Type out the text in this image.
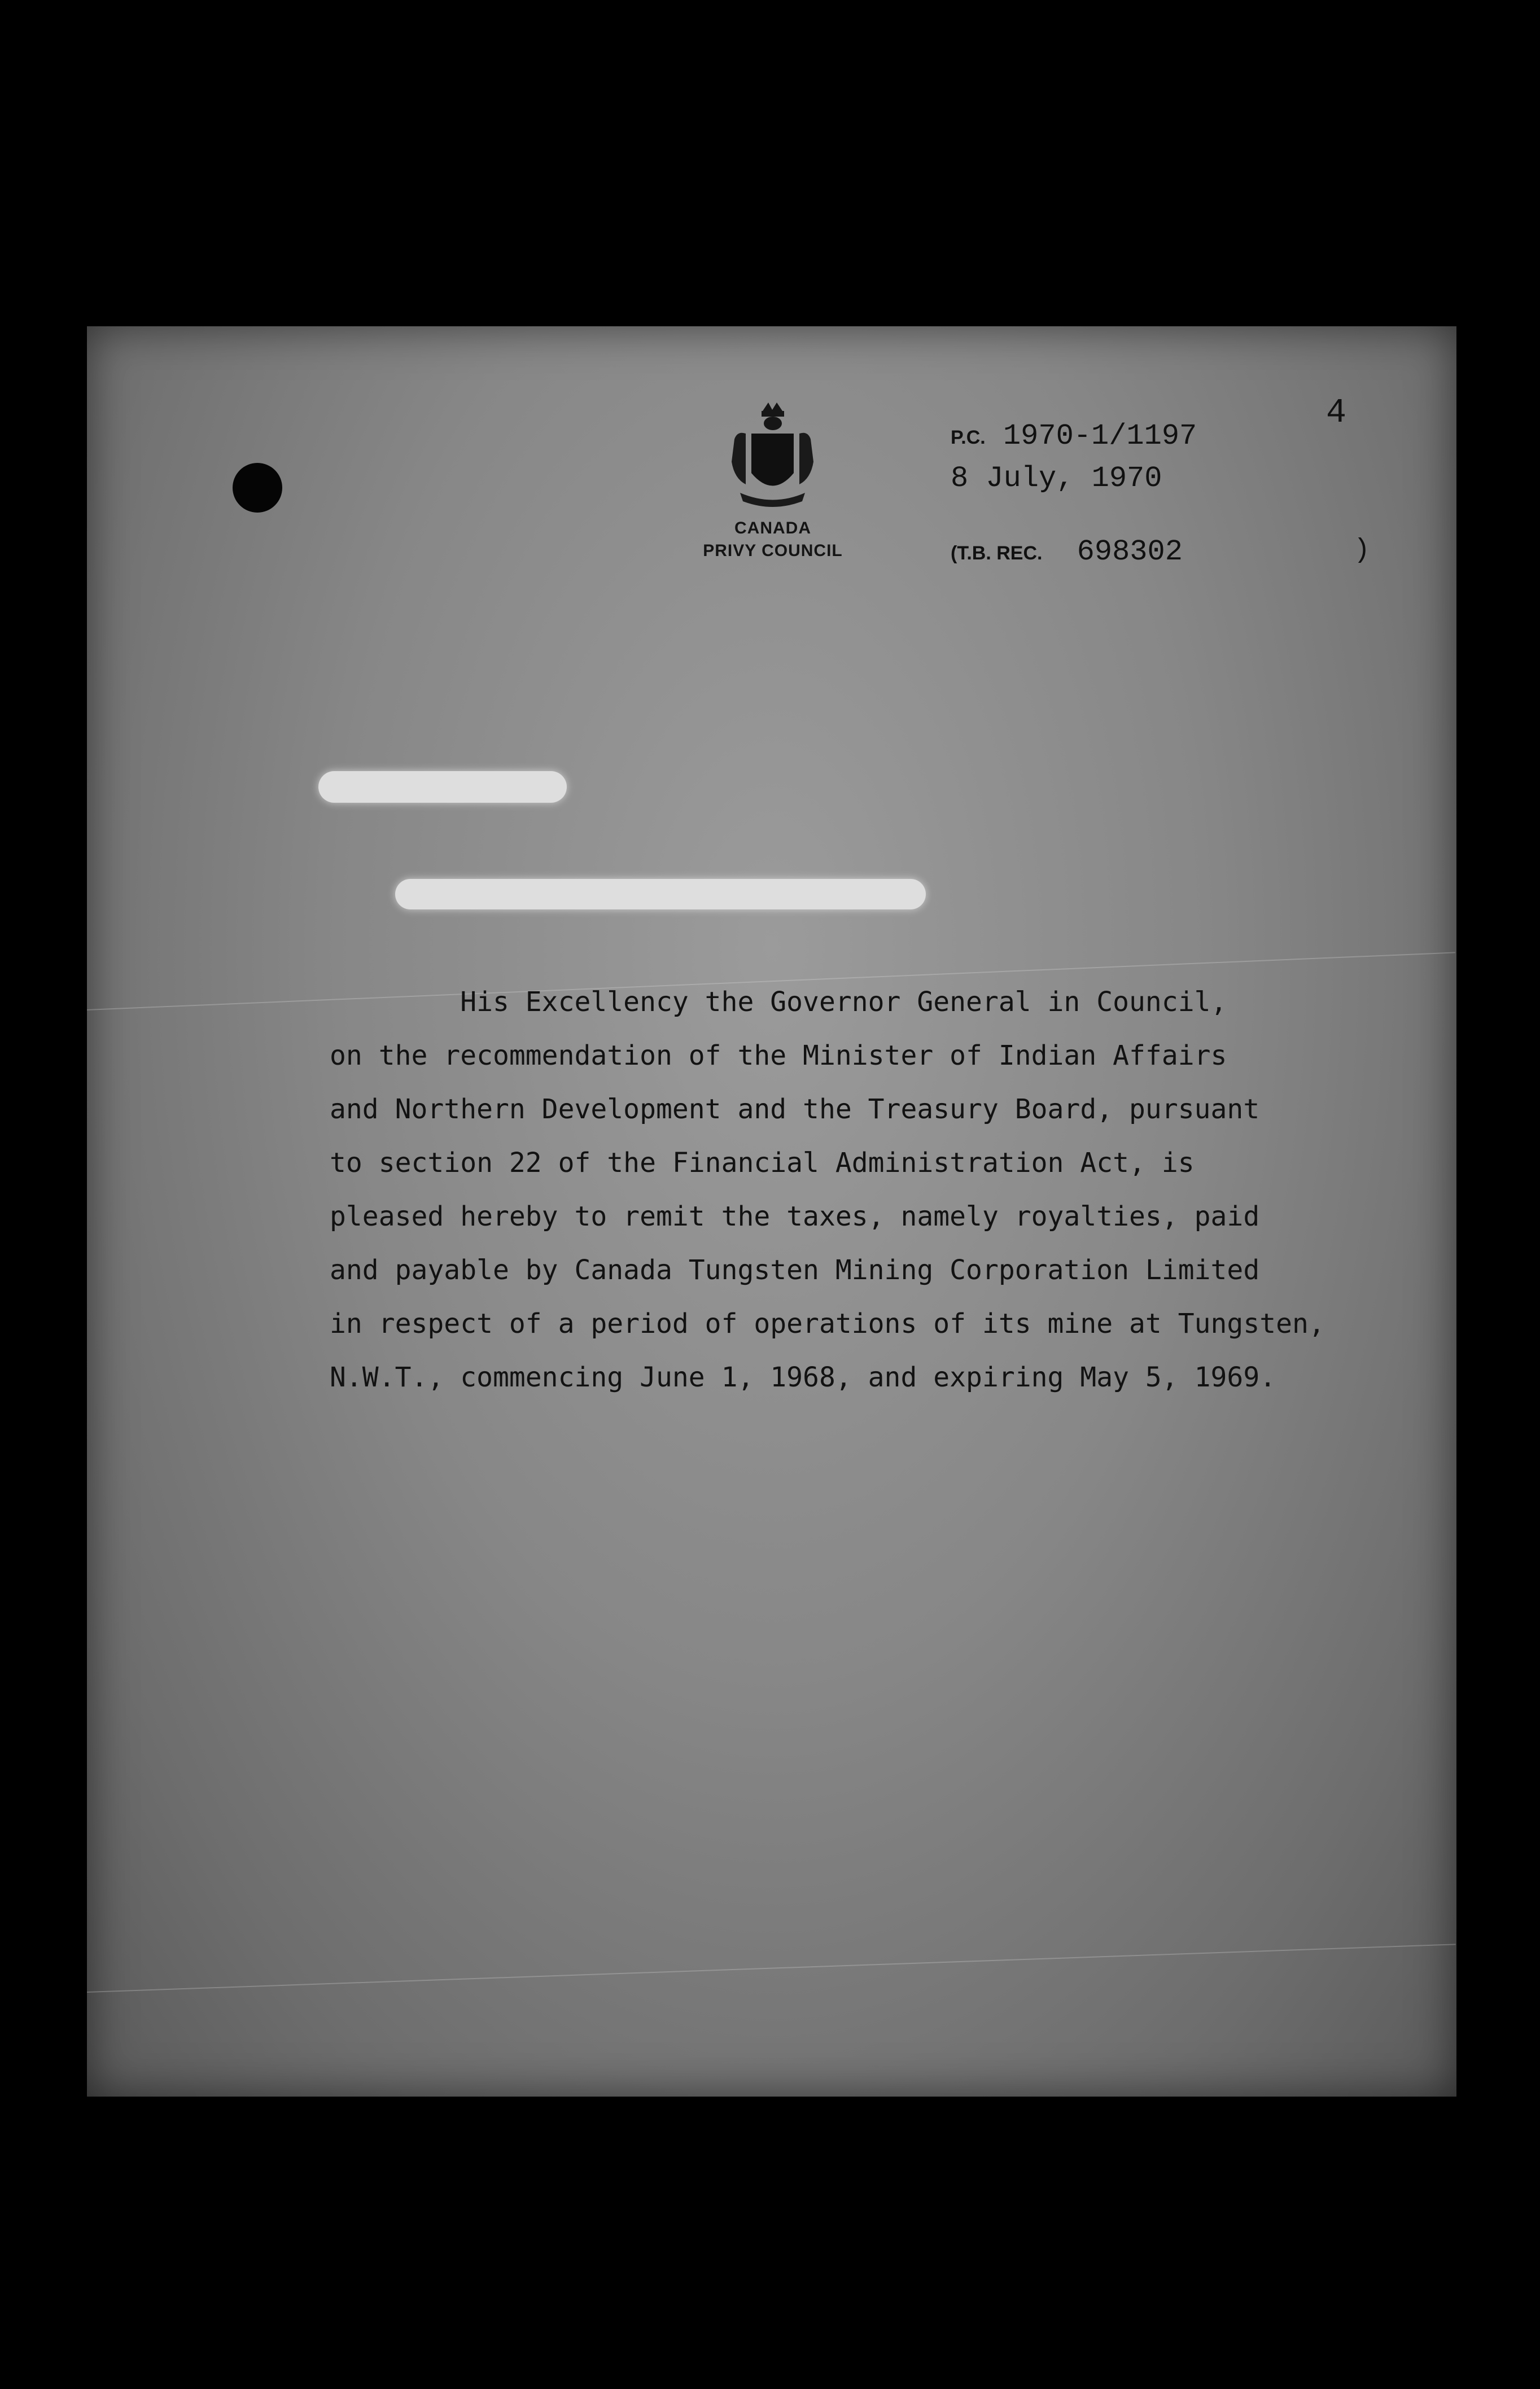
CANADA
PRIVY COUNCIL
P.C. 1970-1/1197
8 July, 1970
(T.B. REC. 698302	)
4
His Excellency the Governor General in Council,
on the recommendation of the Minister of Indian Affairs
and Northern Development and the Treasury Board, pursuant
to section 22 of the Financial Administration Act, is
pleased hereby to remit the taxes, namely royalties, paid
and payable by Canada Tungsten Mining Corporation Limited
in respect of a period of operations of its mine at Tungsten,
N.W.T., commencing June 1, 1968, and expiring May 5, 1969.
